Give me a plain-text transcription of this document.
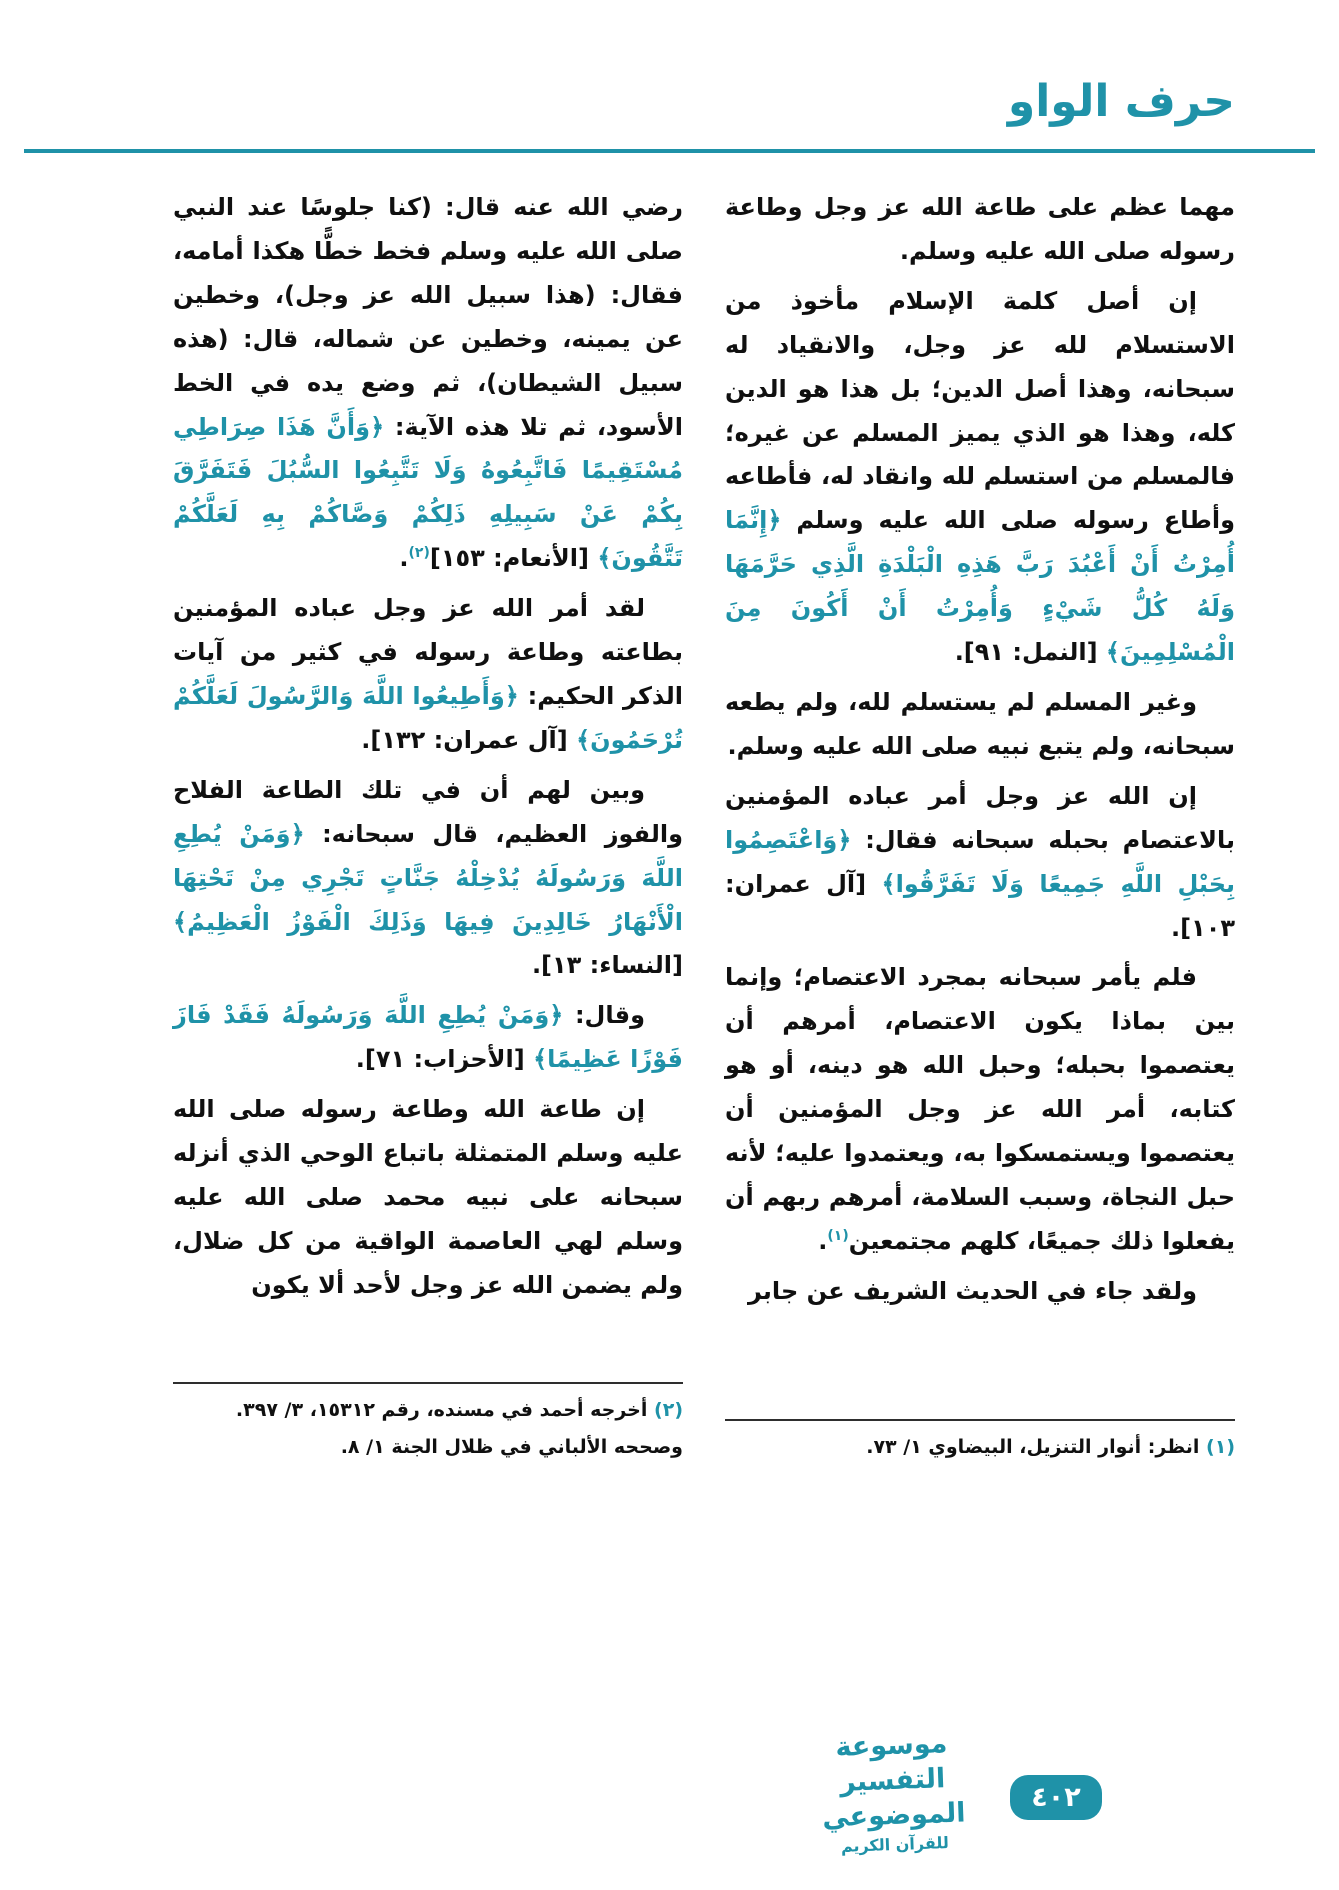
حرف الواو

مهما عظم على طاعة الله عز وجل وطاعة رسوله صلى الله عليه وسلم.

إن أصل كلمة الإسلام مأخوذ من الاستسلام لله عز وجل، والانقياد له سبحانه، وهذا أصل الدين؛ بل هذا هو الدين كله، وهذا هو الذي يميز المسلم عن غيره؛ فالمسلم من استسلم لله وانقاد له، فأطاعه وأطاع رسوله صلى الله عليه وسلم ﴿إِنَّمَا أُمِرْتُ أَنْ أَعْبُدَ رَبَّ هَذِهِ الْبَلْدَةِ الَّذِي حَرَّمَهَا وَلَهُ كُلُّ شَيْءٍ وَأُمِرْتُ أَنْ أَكُونَ مِنَ الْمُسْلِمِينَ﴾ [النمل: ٩١].

وغير المسلم لم يستسلم لله، ولم يطعه سبحانه، ولم يتبع نبيه صلى الله عليه وسلم.

إن الله عز وجل أمر عباده المؤمنين بالاعتصام بحبله سبحانه فقال: ﴿وَاعْتَصِمُوا بِحَبْلِ اللَّهِ جَمِيعًا وَلَا تَفَرَّقُوا﴾ [آل عمران: ١٠٣].

فلم يأمر سبحانه بمجرد الاعتصام؛ وإنما بين بماذا يكون الاعتصام، أمرهم أن يعتصموا بحبله؛ وحبل الله هو دينه، أو هو كتابه، أمر الله عز وجل المؤمنين أن يعتصموا ويستمسكوا به، ويعتمدوا عليه؛ لأنه حبل النجاة، وسبب السلامة، أمرهم ربهم أن يفعلوا ذلك جميعًا، كلهم مجتمعين$^{(١)}$.

ولقد جاء في الحديث الشريف عن جابر

(١) انظر: أنوار التنزيل، البيضاوي ١/ ٧٣.

رضي الله عنه قال: (كنا جلوسًا عند النبي صلى الله عليه وسلم فخط خطًّا هكذا أمامه، فقال: (هذا سبيل الله عز وجل)، وخطين عن يمينه، وخطين عن شماله، قال: (هذه سبيل الشيطان)، ثم وضع يده في الخط الأسود، ثم تلا هذه الآية: ﴿وَأَنَّ هَذَا صِرَاطِي مُسْتَقِيمًا فَاتَّبِعُوهُ وَلَا تَتَّبِعُوا السُّبُلَ فَتَفَرَّقَ بِكُمْ عَنْ سَبِيلِهِ ذَلِكُمْ وَصَّاكُمْ بِهِ لَعَلَّكُمْ تَتَّقُونَ﴾ [الأنعام: ١٥٣]$^{(٢)}$.

لقد أمر الله عز وجل عباده المؤمنين بطاعته وطاعة رسوله في كثير من آيات الذكر الحكيم: ﴿وَأَطِيعُوا اللَّهَ وَالرَّسُولَ لَعَلَّكُمْ تُرْحَمُونَ﴾ [آل عمران: ١٣٢].

وبين لهم أن في تلك الطاعة الفلاح والفوز العظيم، قال سبحانه: ﴿وَمَنْ يُطِعِ اللَّهَ وَرَسُولَهُ يُدْخِلْهُ جَنَّاتٍ تَجْرِي مِنْ تَحْتِهَا الْأَنْهَارُ خَالِدِينَ فِيهَا وَذَلِكَ الْفَوْزُ الْعَظِيمُ﴾ [النساء: ١٣].

وقال: ﴿وَمَنْ يُطِعِ اللَّهَ وَرَسُولَهُ فَقَدْ فَازَ فَوْزًا عَظِيمًا﴾ [الأحزاب: ٧١].

إن طاعة الله وطاعة رسوله صلى الله عليه وسلم المتمثلة باتباع الوحي الذي أنزله سبحانه على نبيه محمد صلى الله عليه وسلم لهي العاصمة الواقية من كل ضلال، ولم يضمن الله عز وجل لأحد ألا يكون

(٢) أخرجه أحمد في مسنده، رقم ١٥٣١٢، ٣/ ٣٩٧.
وصححه الألباني في ظلال الجنة ١/ ٨.
موسوعة التفسير الموضوعي
للقرآن الكريم
٤٠٢
